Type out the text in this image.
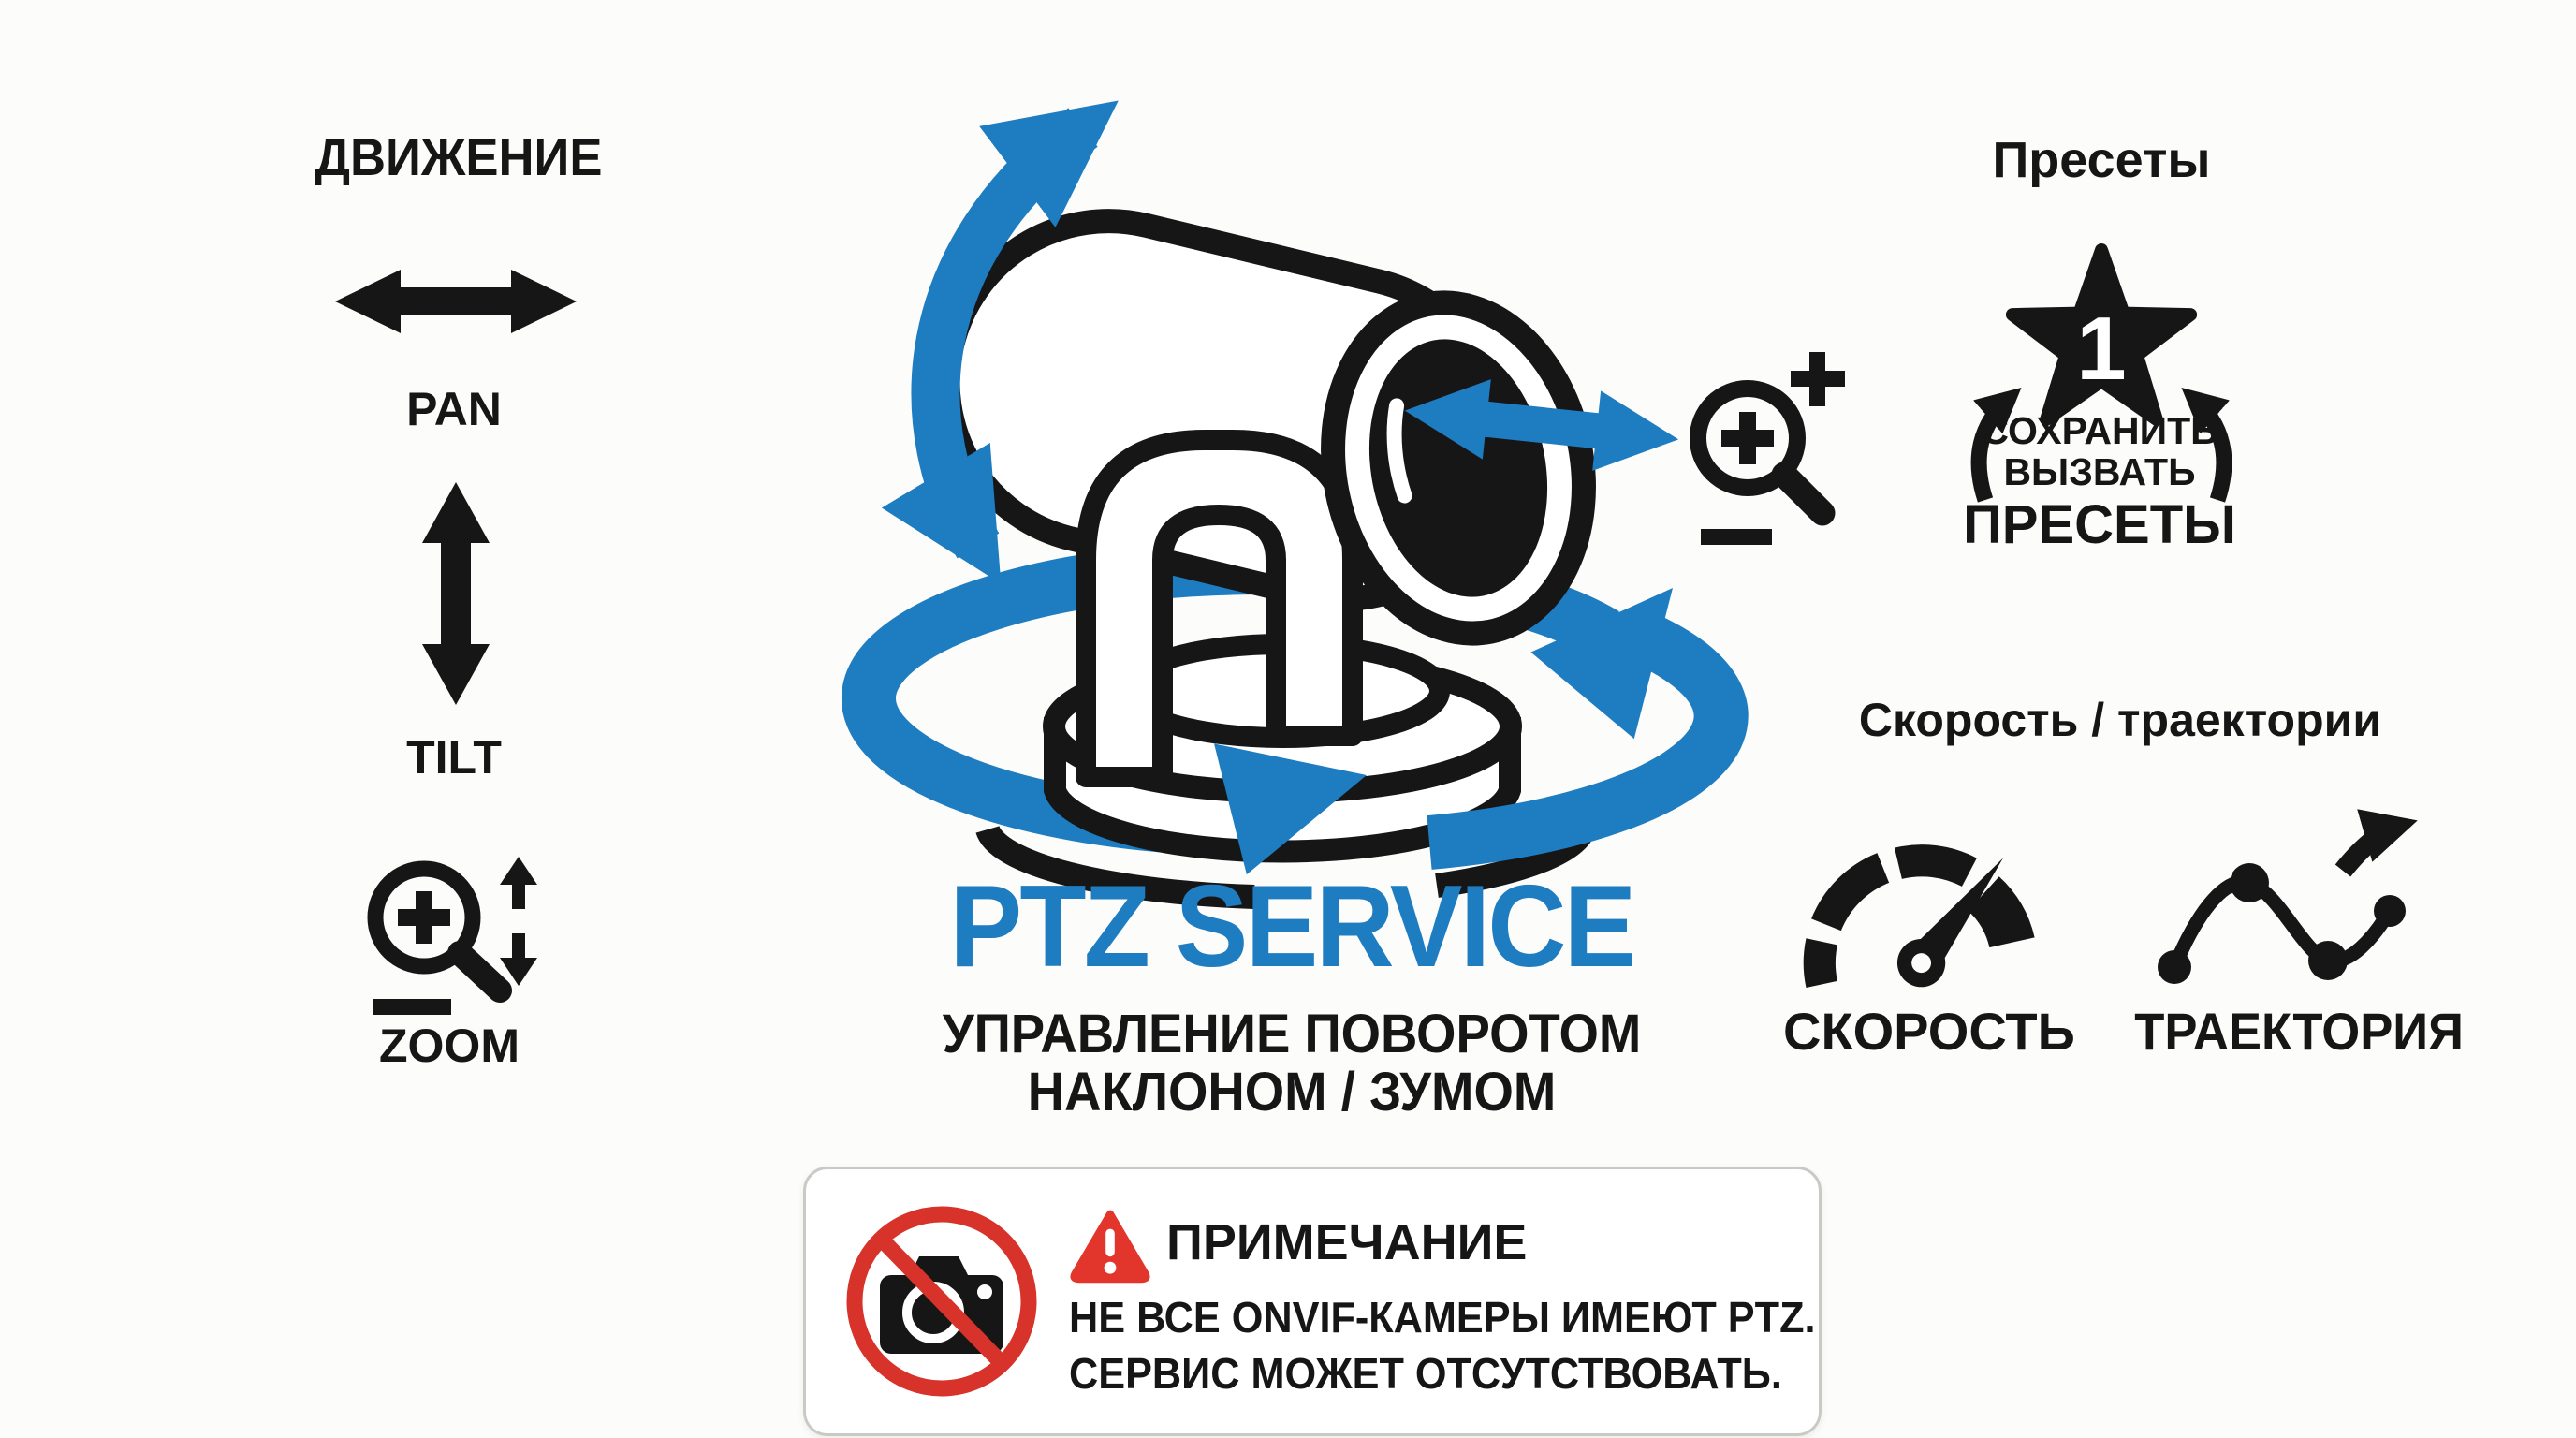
ДВИЖЕНИЕ
PAN
TILT
ZOOM
PTZ SERVICE
УПРАВЛЕНИЕ ПОВОРОТОМ
НАКЛОНОМ / ЗУМОМ
Пресеты
1
СОХРАНИТЬ
ВЫЗВАТЬ
ПРЕСЕТЫ
Скорость / траектории
СКОРОСТЬ ТРАЕКТОРИЯ
ПРИМЕЧАНИЕ
НЕ ВСЕ ONVIF-КАМЕРЫ ИМЕЮТ PTZ.
СЕРВИС МОЖЕТ ОТСУТСТВОВАТЬ.
